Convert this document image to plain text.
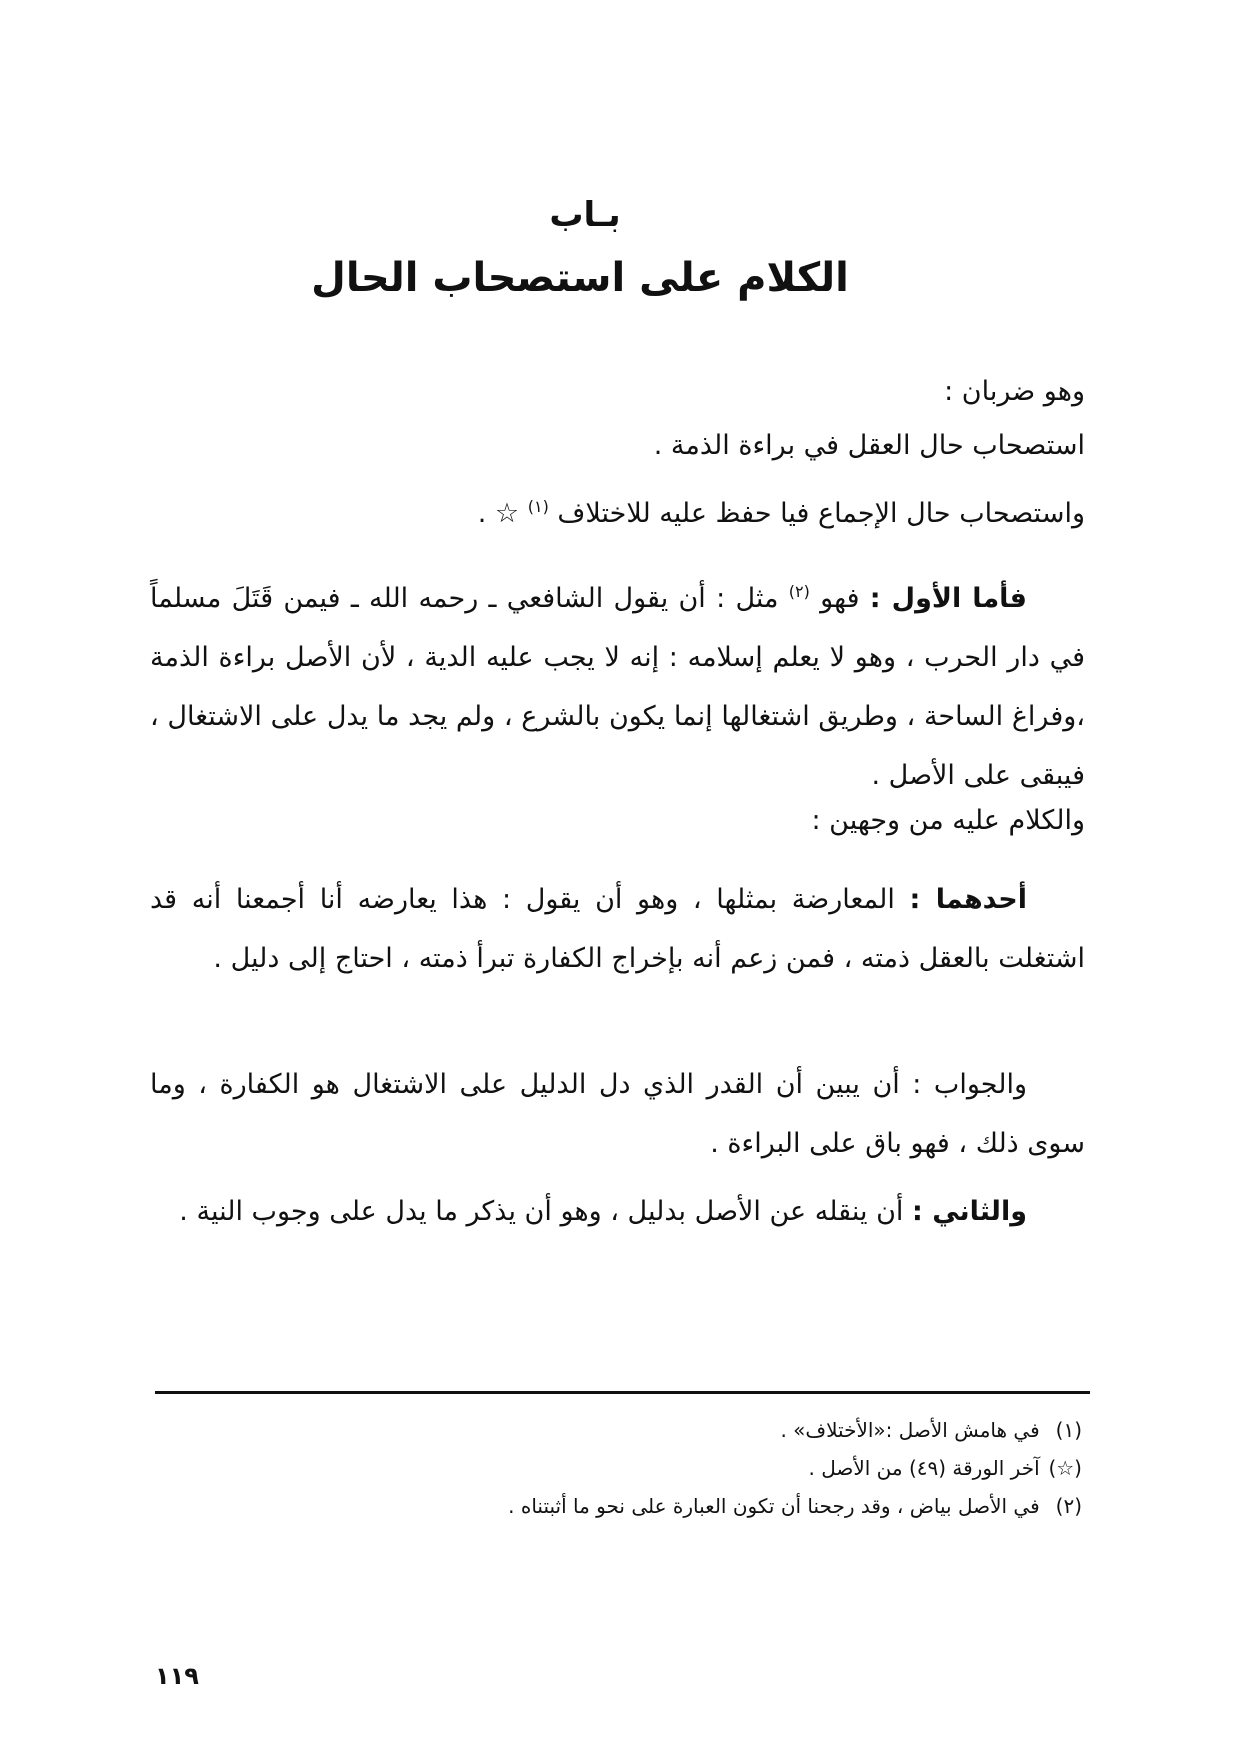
بـاب
الكلام على استصحاب الحال
وهو ضربان :
استصحاب حال العقل في براءة الذمة .
واستصحاب حال الإجماع فيا حفظ عليه للاختلاف $^{(١)}$ ☆ .
فأما الأول : فهو $^{(٢)}$ مثل : أن يقول الشافعي ـ رحمه الله ـ فيمن قَتَلَ مسلماً في دار الحرب ، وهو لا يعلم إسلامه : إنه لا يجب عليه الدية ، لأن الأصل براءة الذمة ،وفراغ الساحة ، وطريق اشتغالها إنما يكون بالشرع ، ولم يجد ما يدل على الاشتغال ، فيبقى على الأصل .
والكلام عليه من وجهين :
أحدهما : المعارضة بمثلها ، وهو أن يقول : هذا يعارضه أنا أجمعنا أنه قد اشتغلت بالعقل ذمته ، فمن زعم أنه بإخراج الكفارة تبرأ ذمته ، احتاج إلى دليل .
والجواب : أن يبين أن القدر الذي دل الدليل على الاشتغال هو الكفارة ، وما سوى ذلك ، فهو باق على البراءة .
والثاني : أن ينقله عن الأصل بدليل ، وهو أن يذكر ما يدل على وجوب النية .
(١) في هامش الأصل :«الأختلاف» .
(☆) آخر الورقة (٤٩) من الأصل .
(٢) في الأصل بياض ، وقد رجحنا أن تكون العبارة على نحو ما أثبتناه .
١١٩
